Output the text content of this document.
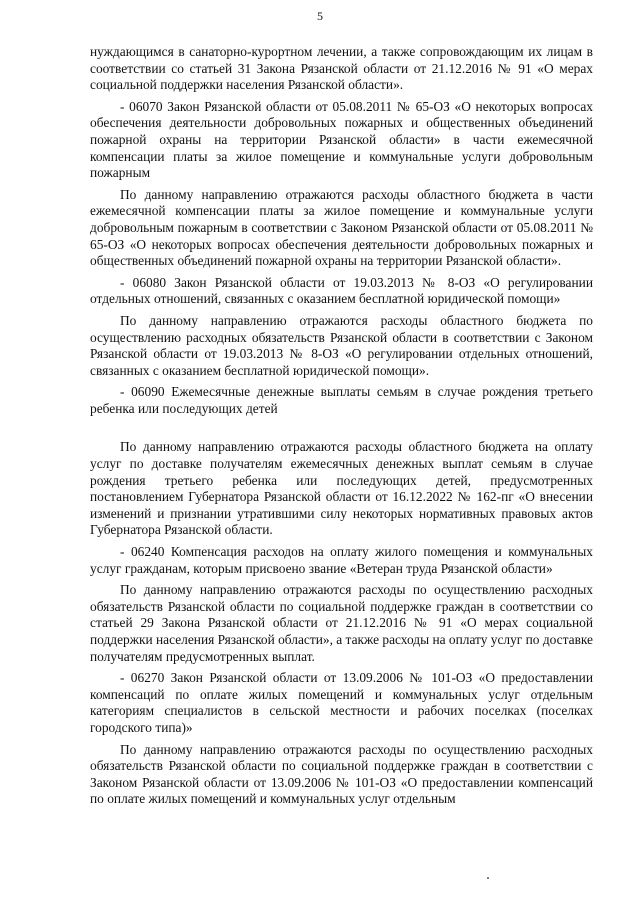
5

нуждающимся в санаторно-курортном лечении, а также сопровождающим их лицам в соответствии со статьей 31 Закона Рязанской области от 21.12.2016 № 91 «О мерах социальной поддержки населения Рязанской области».

- 06070 Закон Рязанской области от 05.08.2011 № 65-ОЗ «О некоторых вопросах обеспечения деятельности добровольных пожарных и общественных объединений пожарной охраны на территории Рязанской области» в части ежемесячной компенсации платы за жилое помещение и коммунальные услуги добровольным пожарным

По данному направлению отражаются расходы областного бюджета в части ежемесячной компенсации платы за жилое помещение и коммунальные услуги добровольным пожарным в соответствии с Законом Рязанской области от 05.08.2011 № 65-ОЗ «О некоторых вопросах обеспечения деятельности добровольных пожарных и общественных объединений пожарной охраны на территории Рязанской области».

- 06080 Закон Рязанской области от 19.03.2013 № 8-ОЗ «О регулировании отдельных отношений, связанных с оказанием бесплатной юридической помощи»

По данному направлению отражаются расходы областного бюджета по осуществлению расходных обязательств Рязанской области в соответствии с Законом Рязанской области от 19.03.2013 № 8-ОЗ «О регулировании отдельных отношений, связанных с оказанием бесплатной юридической помощи».

- 06090 Ежемесячные денежные выплаты семьям в случае рождения третьего ребенка или последующих детей

По данному направлению отражаются расходы областного бюджета на оплату услуг по доставке получателям ежемесячных денежных выплат семьям в случае рождения третьего ребенка или последующих детей, предусмотренных постановлением Губернатора Рязанской области от 16.12.2022 № 162-пг «О внесении изменений и признании утратившими силу некоторых нормативных правовых актов Губернатора Рязанской области.

- 06240 Компенсация расходов на оплату жилого помещения и коммунальных услуг гражданам, которым присвоено звание «Ветеран труда Рязанской области»

По данному направлению отражаются расходы по осуществлению расходных обязательств Рязанской области по социальной поддержке граждан в соответствии со статьей 29 Закона Рязанской области от 21.12.2016 № 91 «О мерах социальной поддержки населения Рязанской области», а также расходы на оплату услуг по доставке получателям предусмотренных выплат.

- 06270 Закон Рязанской области от 13.09.2006 № 101-ОЗ «О предоставлении компенсаций по оплате жилых помещений и коммунальных услуг отдельным категориям специалистов в сельской местности и рабочих поселках (поселках городского типа)»

По данному направлению отражаются расходы по осуществлению расходных обязательств Рязанской области по социальной поддержке граждан в соответствии с Законом Рязанской области от 13.09.2006 № 101-ОЗ «О предоставлении компенсаций по оплате жилых помещений и коммунальных услуг отдельным
